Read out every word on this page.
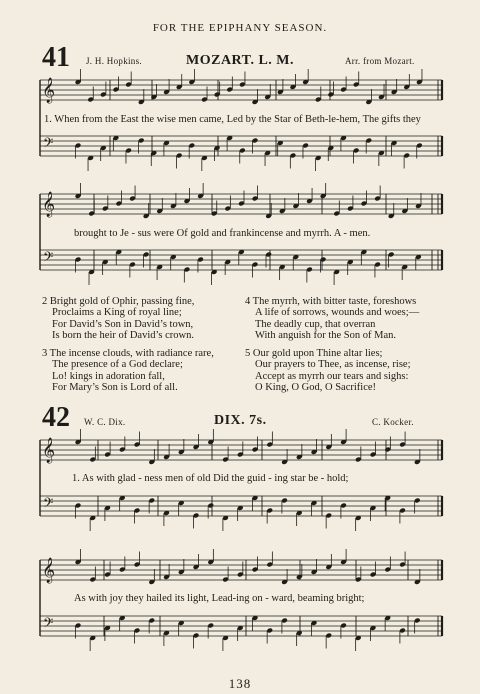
FOR THE EPIPHANY SEASON.
41 J. H. Hopkins.	MOZART. L. M.	Arr. from Mozart.
1. When from the East the wise men came, Led by the Star of Beth-le-hem, The gifts they
brought to Je - sus were Of gold and frankincense and myrrh. A - men.
2 Bright gold of Ophir, passing fine,
Proclaims a King of royal line;
For David’s Son in David’s town,
Is born the heir of David’s crown.
3 The incense clouds, with radiance rare,
The presence of a God declare;
Lo! kings in adoration fall,
For Mary’s Son is Lord of all.
4 The myrrh, with bitter taste, foreshows
A life of sorrows, wounds and woes;—
The deadly cup, that overran
With anguish for the Son of Man.
5 Our gold upon Thine altar lies;
Our prayers to Thee, as incense, rise;
Accept as myrrh our tears and sighs:
O King, O God, O Sacrifice!
42 W. C. Dix.	DIX. 7s.	C. Kocker.
1. As with glad - ness men of old Did the guid - ing star be - hold;
As with joy they hailed its light, Lead-ing on - ward, beaming bright;
𝄞
𝄢
𝄞
𝄢
𝄞
𝄢
𝄞
𝄢
138
